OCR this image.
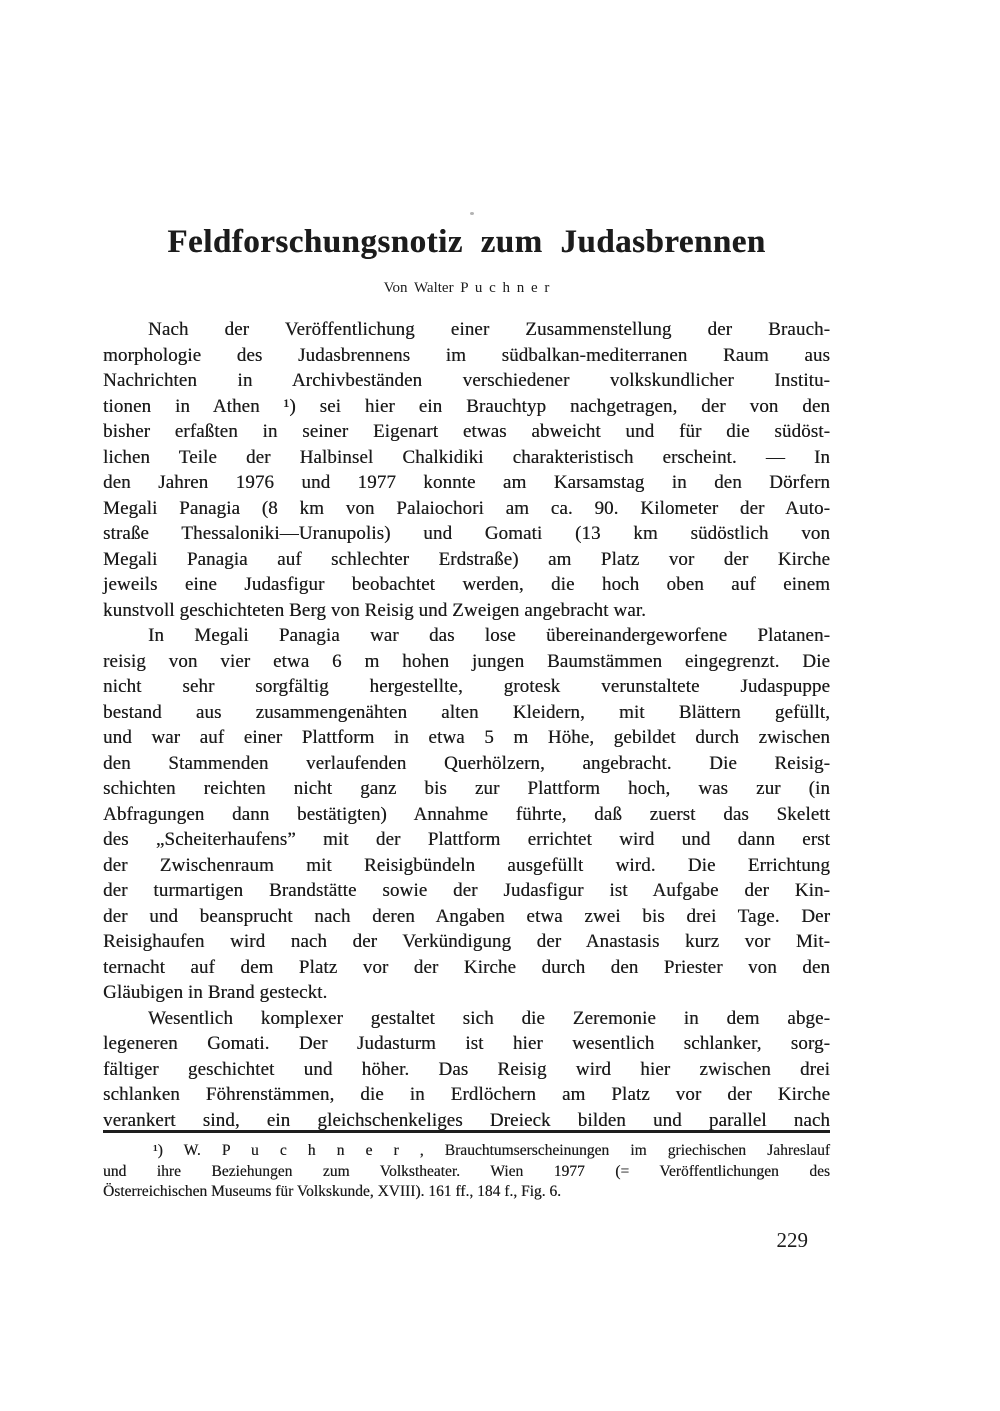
Feldforschungsnotiz zum Judasbrennen
Von Walter P u c h n e r
Nach der Veröffentlichung einer Zusammenstellung der Brauch-
morphologie des Judasbrennens im südbalkan-mediterranen Raum aus
Nachrichten in Archivbeständen verschiedener volkskundlicher Institu-
tionen in Athen ¹) sei hier ein Brauchtyp nachgetragen, der von den
bisher erfaßten in seiner Eigenart etwas abweicht und für die südöst-
lichen Teile der Halbinsel Chalkidiki charakteristisch erscheint. — In
den Jahren 1976 und 1977 konnte am Karsamstag in den Dörfern
Megali Panagia (8 km von Palaiochori am ca. 90. Kilometer der Auto-
straße Thessaloniki—Uranupolis) und Gomati (13 km südöstlich von
Megali Panagia auf schlechter Erdstraße) am Platz vor der Kirche
jeweils eine Judasfigur beobachtet werden, die hoch oben auf einem
kunstvoll geschichteten Berg von Reisig und Zweigen angebracht war.
In Megali Panagia war das lose übereinandergeworfene Platanen-
reisig von vier etwa 6 m hohen jungen Baumstämmen eingegrenzt. Die
nicht sehr sorgfältig hergestellte, grotesk verunstaltete Judaspuppe
bestand aus zusammengenähten alten Kleidern, mit Blättern gefüllt,
und war auf einer Plattform in etwa 5 m Höhe, gebildet durch zwischen
den Stammenden verlaufenden Querhölzern, angebracht. Die Reisig-
schichten reichten nicht ganz bis zur Plattform hoch, was zur (in
Abfragungen dann bestätigten) Annahme führte, daß zuerst das Skelett
des „Scheiterhaufens” mit der Plattform errichtet wird und dann erst
der Zwischenraum mit Reisigbündeln ausgefüllt wird. Die Errichtung
der turmartigen Brandstätte sowie der Judasfigur ist Aufgabe der Kin-
der und beansprucht nach deren Angaben etwa zwei bis drei Tage. Der
Reisighaufen wird nach der Verkündigung der Anastasis kurz vor Mit-
ternacht auf dem Platz vor der Kirche durch den Priester von den
Gläubigen in Brand gesteckt.
Wesentlich komplexer gestaltet sich die Zeremonie in dem abge-
legeneren Gomati. Der Judasturm ist hier wesentlich schlanker, sorg-
fältiger geschichtet und höher. Das Reisig wird hier zwischen drei
schlanken Föhrenstämmen, die in Erdlöchern am Platz vor der Kirche
verankert sind, ein gleichschenkeliges Dreieck bilden und parallel nach
¹) W. P u c h n e r , Brauchtumserscheinungen im griechischen Jahreslauf
und ihre Beziehungen zum Volkstheater. Wien 1977 (= Veröffentlichungen des
Österreichischen Museums für Volkskunde, XVIII). 161 ff., 184 f., Fig. 6.
229
